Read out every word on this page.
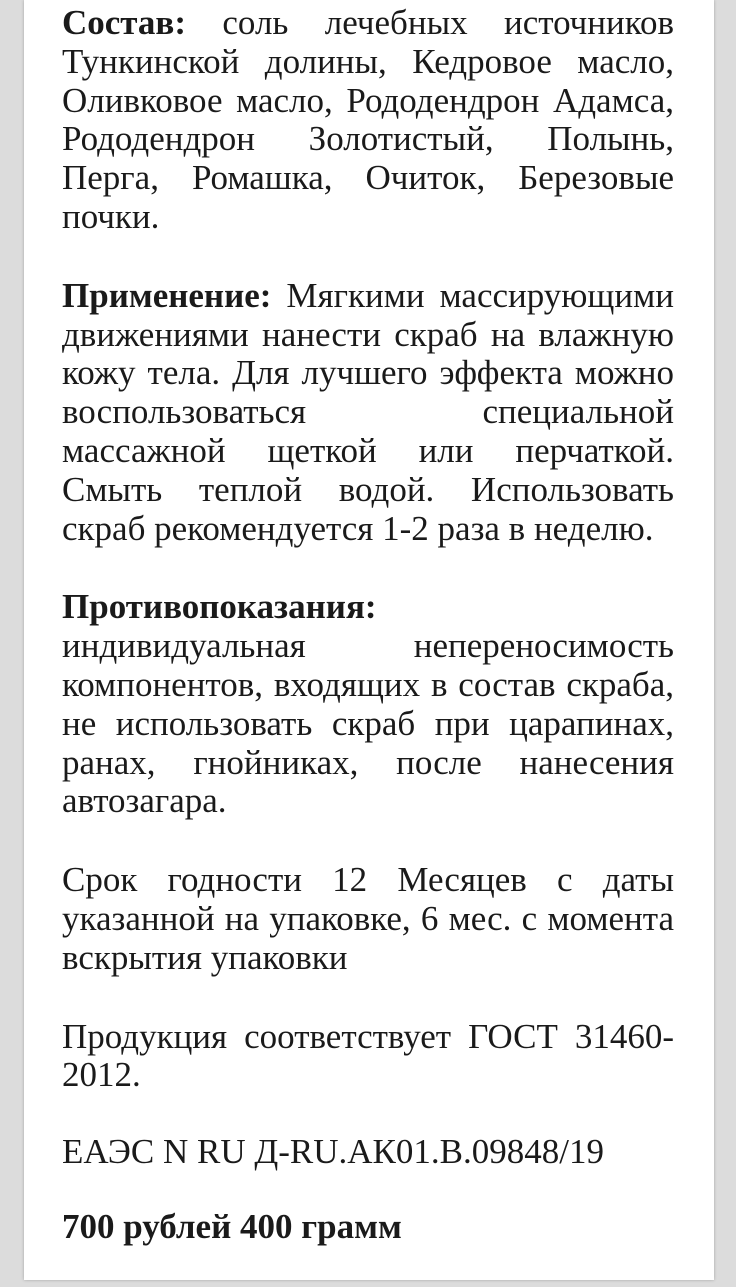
Состав: соль лечебных источников Тункинской долины, Кедровое масло, Оливковое масло, Рододендрон Адамса, Рододендрон Золотистый, Полынь, Перга, Ромашка, Очиток, Березовые почки.

Применение: Мягкими массирующими движениями нанести скраб на влажную кожу тела. Для лучшего эффекта можно воспользоваться специальной массажной щеткой или перчаткой. Смыть теплой водой. Использовать скраб рекомендуется 1-2 раза в неделю.

Противопоказания:
индивидуальная непереносимость компонентов, входящих в состав скраба, не использовать скраб при царапинах, ранах, гнойниках, после нанесения автозагара.

Срок годности 12 Месяцев с даты указанной на упаковке, 6 мес. с момента вскрытия упаковки

Продукция соответствует ГОСТ 31460-2012.

ЕАЭС N RU Д-RU.АК01.В.09848/19

700 рублей 400 грамм
